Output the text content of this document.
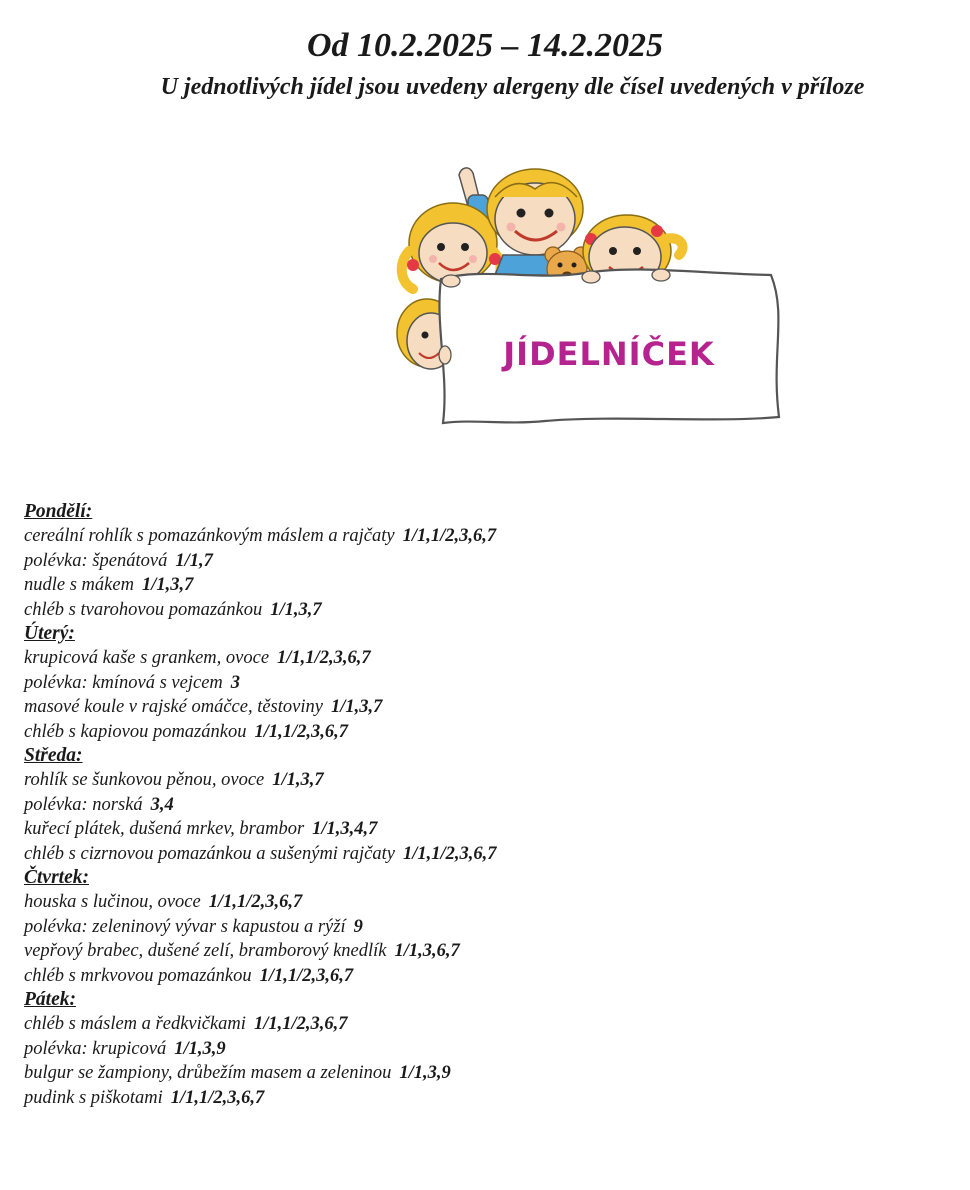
Od 10.2.2025 – 14.2.2025
U jednotlivých jídel jsou uvedeny alergeny dle čísel uvedených v příloze
JÍDELNÍČEK
Pondělí:
cereální rohlík s pomazánkovým máslem a rajčaty 1/1,1/2,3,6,7
polévka: špenátová 1/1,7
nudle s mákem 1/1,3,7
chléb s tvarohovou pomazánkou 1/1,3,7
Úterý:
krupicová kaše s grankem, ovoce 1/1,1/2,3,6,7
polévka: kmínová s vejcem 3
masové koule v rajské omáčce, těstoviny 1/1,3,7
chléb s kapiovou pomazánkou 1/1,1/2,3,6,7
Středa:
rohlík se šunkovou pěnou, ovoce 1/1,3,7
polévka: norská 3,4
kuřecí plátek, dušená mrkev, brambor 1/1,3,4,7
chléb s cizrnovou pomazánkou a sušenými rajčaty 1/1,1/2,3,6,7
Čtvrtek:
houska s lučinou, ovoce 1/1,1/2,3,6,7
polévka: zeleninový vývar s kapustou a rýží 9
vepřový brabec, dušené zelí, bramborový knedlík 1/1,3,6,7
chléb s mrkvovou pomazánkou 1/1,1/2,3,6,7
Pátek:
chléb s máslem a ředkvičkami 1/1,1/2,3,6,7
polévka: krupicová 1/1,3,9
bulgur se žampiony, drůbežím masem a zeleninou 1/1,3,9
pudink s piškotami 1/1,1/2,3,6,7
